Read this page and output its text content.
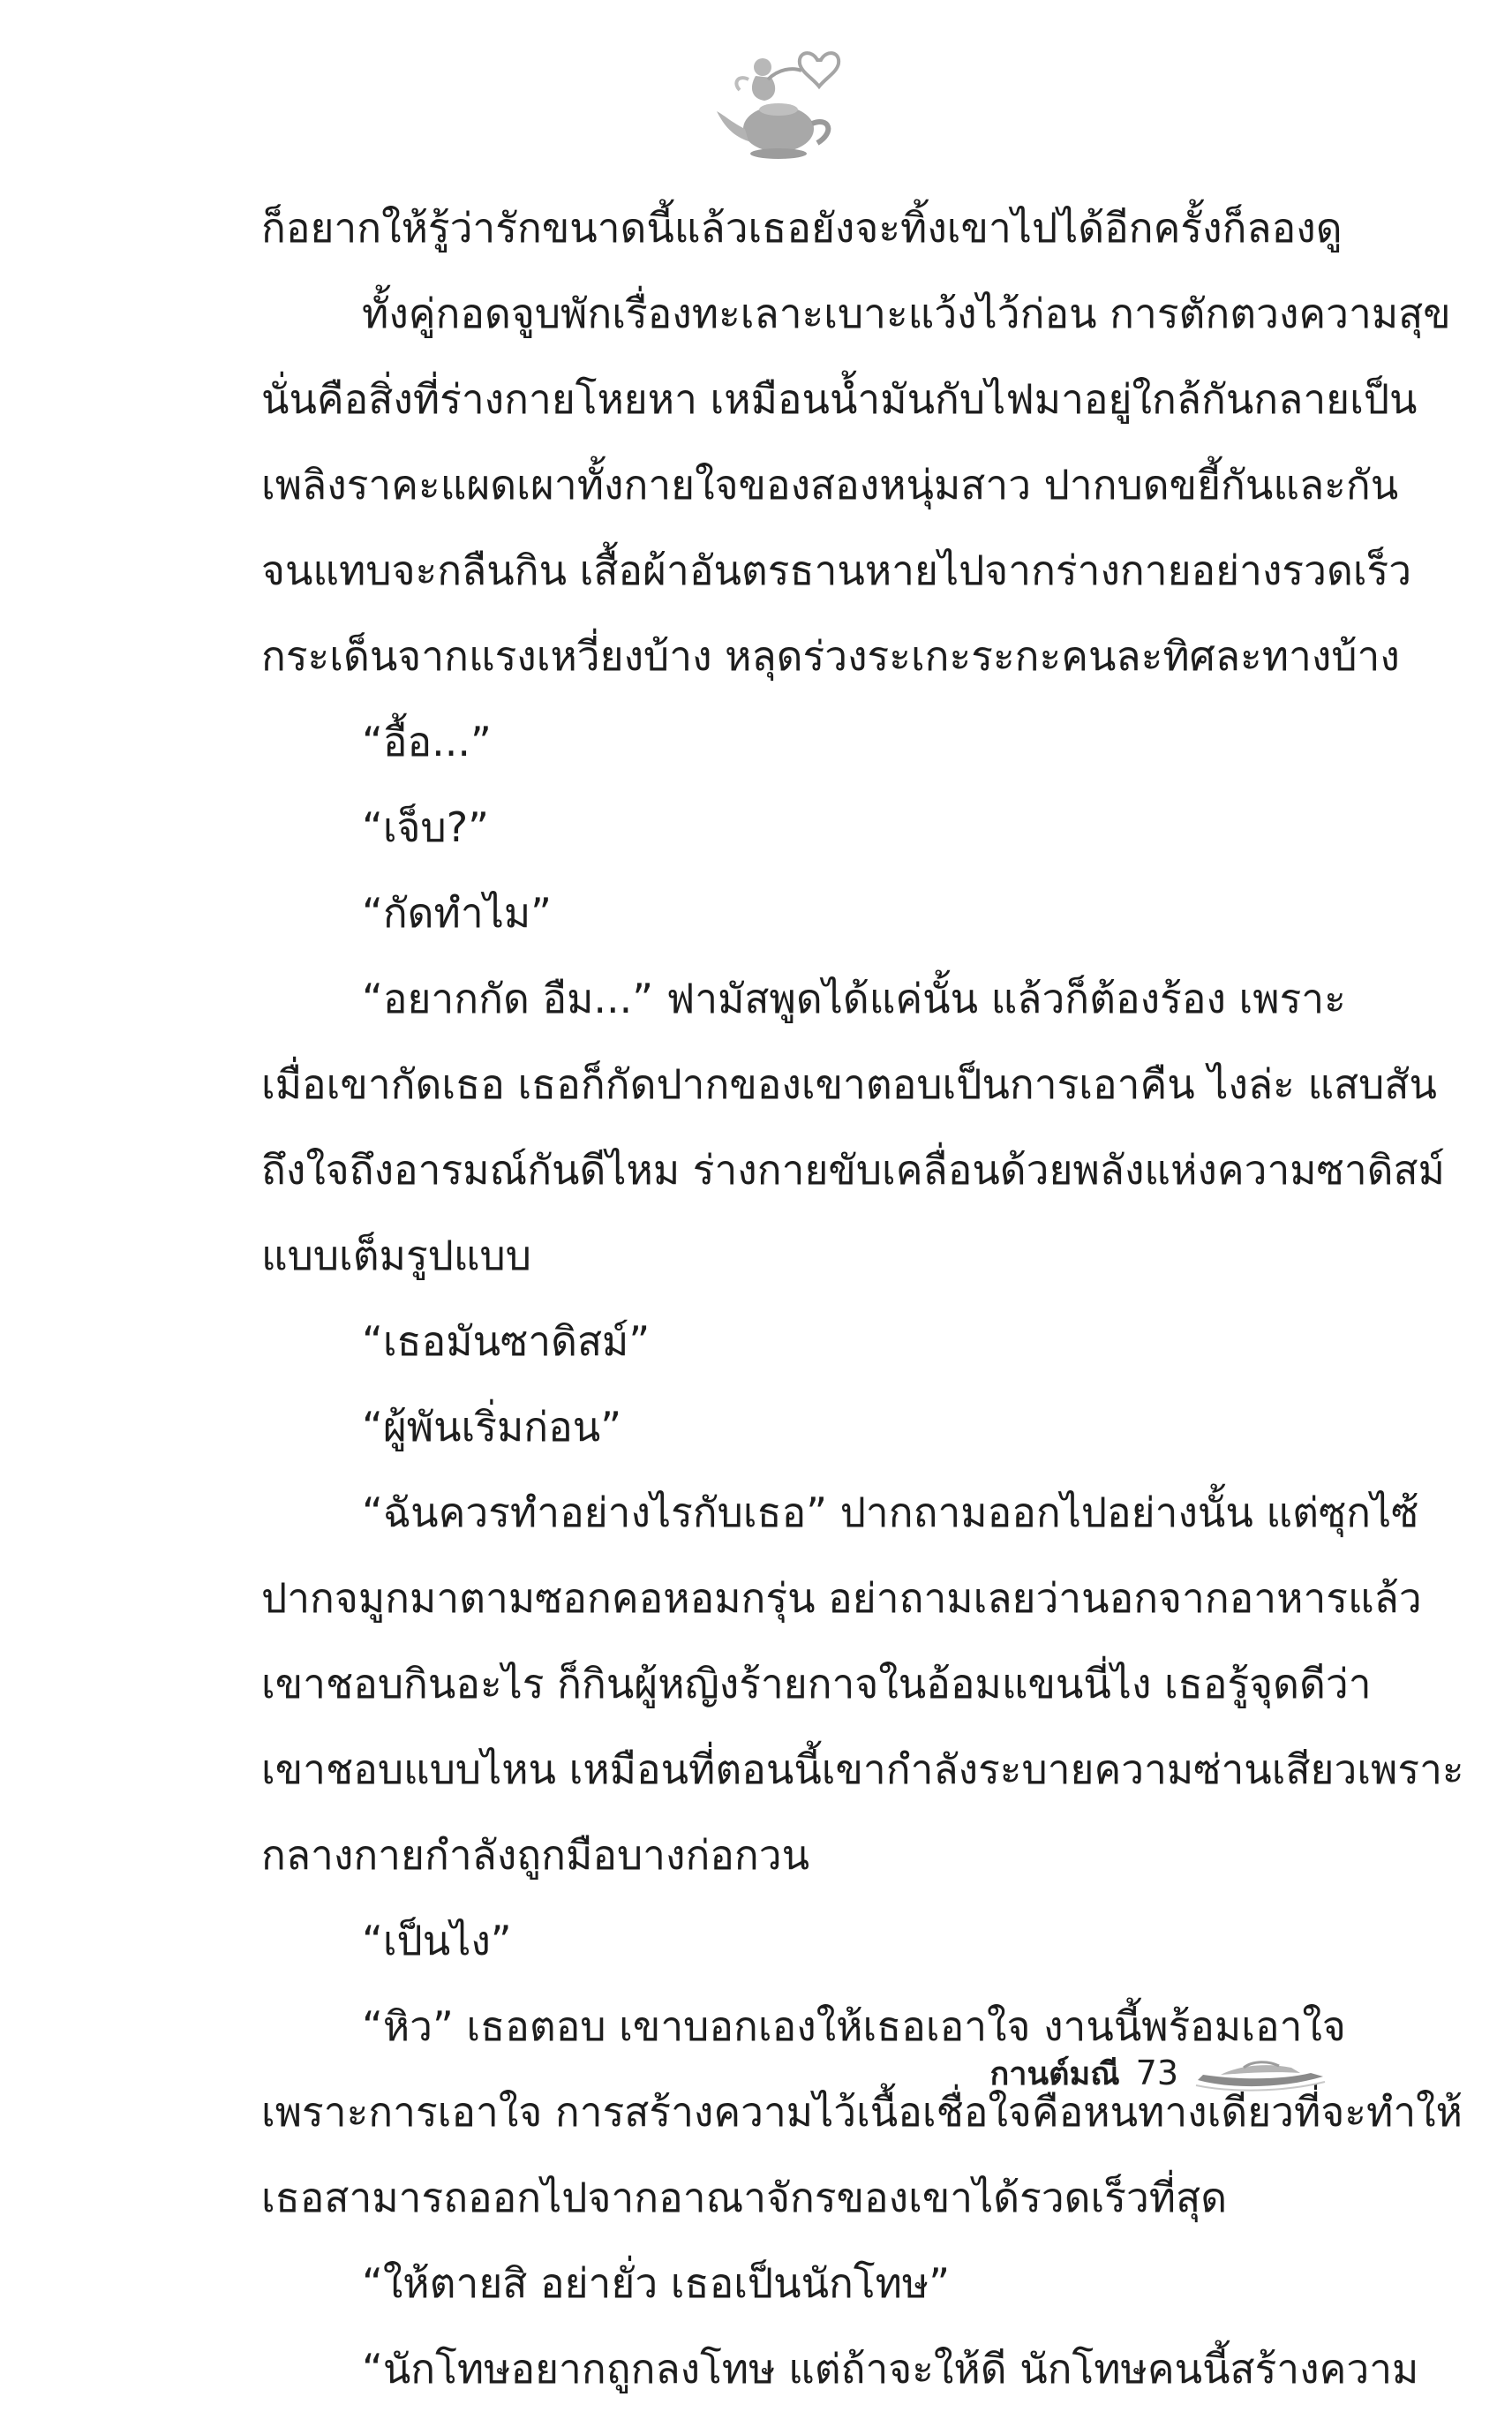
ก็อยากให้รู้ว่ารักขนาดนี้แล้วเธอยังจะทิ้งเขาไปได้อีกครั้งก็ลองดู
ทั้งคู่กอดจูบพักเรื่องทะเลาะเบาะแว้งไว้ก่อน การตักตวงความสุข
นั่นคือสิ่งที่ร่างกายโหยหา เหมือนน้ำมันกับไฟมาอยู่ใกล้กันกลายเป็น
เพลิงราคะแผดเผาทั้งกายใจของสองหนุ่มสาว ปากบดขยี้กันและกัน
จนแทบจะกลืนกิน เสื้อผ้าอันตรธานหายไปจากร่างกายอย่างรวดเร็ว
กระเด็นจากแรงเหวี่ยงบ้าง หลุดร่วงระเกะระกะคนละทิศละทางบ้าง
“อื้อ...”
“เจ็บ?”
“กัดทำไม”
“อยากกัด อืม...” ฟามัสพูดได้แค่นั้น แล้วก็ต้องร้อง เพราะ
เมื่อเขากัดเธอ เธอก็กัดปากของเขาตอบเป็นการเอาคืน ไงล่ะ แสบสัน
ถึงใจถึงอารมณ์กันดีไหม ร่างกายขับเคลื่อนด้วยพลังแห่งความซาดิสม์
แบบเต็มรูปแบบ
“เธอมันซาดิสม์”
“ผู้พันเริ่มก่อน”
“ฉันควรทำอย่างไรกับเธอ” ปากถามออกไปอย่างนั้น แต่ซุกไซ้
ปากจมูกมาตามซอกคอหอมกรุ่น อย่าถามเลยว่านอกจากอาหารแล้ว
เขาชอบกินอะไร ก็กินผู้หญิงร้ายกาจในอ้อมแขนนี่ไง เธอรู้จุดดีว่า
เขาชอบแบบไหน เหมือนที่ตอนนี้เขากำลังระบายความซ่านเสียวเพราะ
กลางกายกำลังถูกมือบางก่อกวน
“เป็นไง”
“หิว” เธอตอบ เขาบอกเองให้เธอเอาใจ งานนี้พร้อมเอาใจ
เพราะการเอาใจ การสร้างความไว้เนื้อเชื่อใจคือหนทางเดียวที่จะทำให้
เธอสามารถออกไปจากอาณาจักรของเขาได้รวดเร็วที่สุด
“ให้ตายสิ อย่ายั่ว เธอเป็นนักโทษ”
“นักโทษอยากถูกลงโทษ แต่ถ้าจะให้ดี นักโทษคนนี้สร้างความ
กานต์มณี 73
